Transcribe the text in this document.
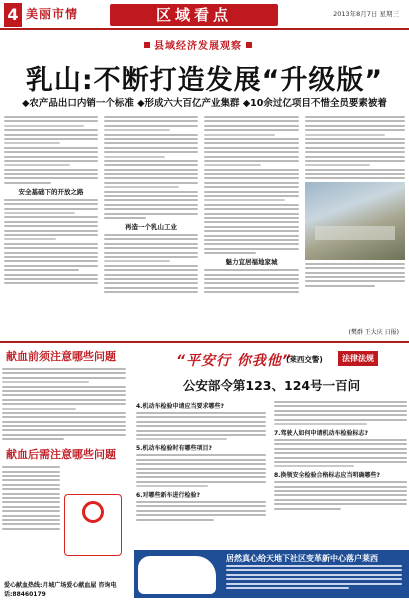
4 美丽市情	区域看点	2013年8月7日 星期三
县域经济发展观察
乳山:不断打造发展“升级版”
◆农产品出口内销一个标准 ◆形成六大百亿产业集群 ◆10余过亿项目不惜全员要素被着
安全基础下的开放之路
再造一个乳山工业
魅力宜居福地家城
(樊群 王大庆 日报)
献血前须注意哪些问题
献血后需注意哪些问题
爱心献血热线:月城广场爱心献血屋 咨询电话:88460179
“平安行 你我他”
(莱西交警)	法律法规
公安部令第123、124号一百问
4.机动车检验申请应当要求哪些?
5.机动车检验时有哪些项目?
6.对哪些新车进行检验?
7.驾驶人如何申请机动车检验标志?
8.换领安全检验合格标志应当明确哪些?
居然真心给天地下社区变革新中心落户莱西
